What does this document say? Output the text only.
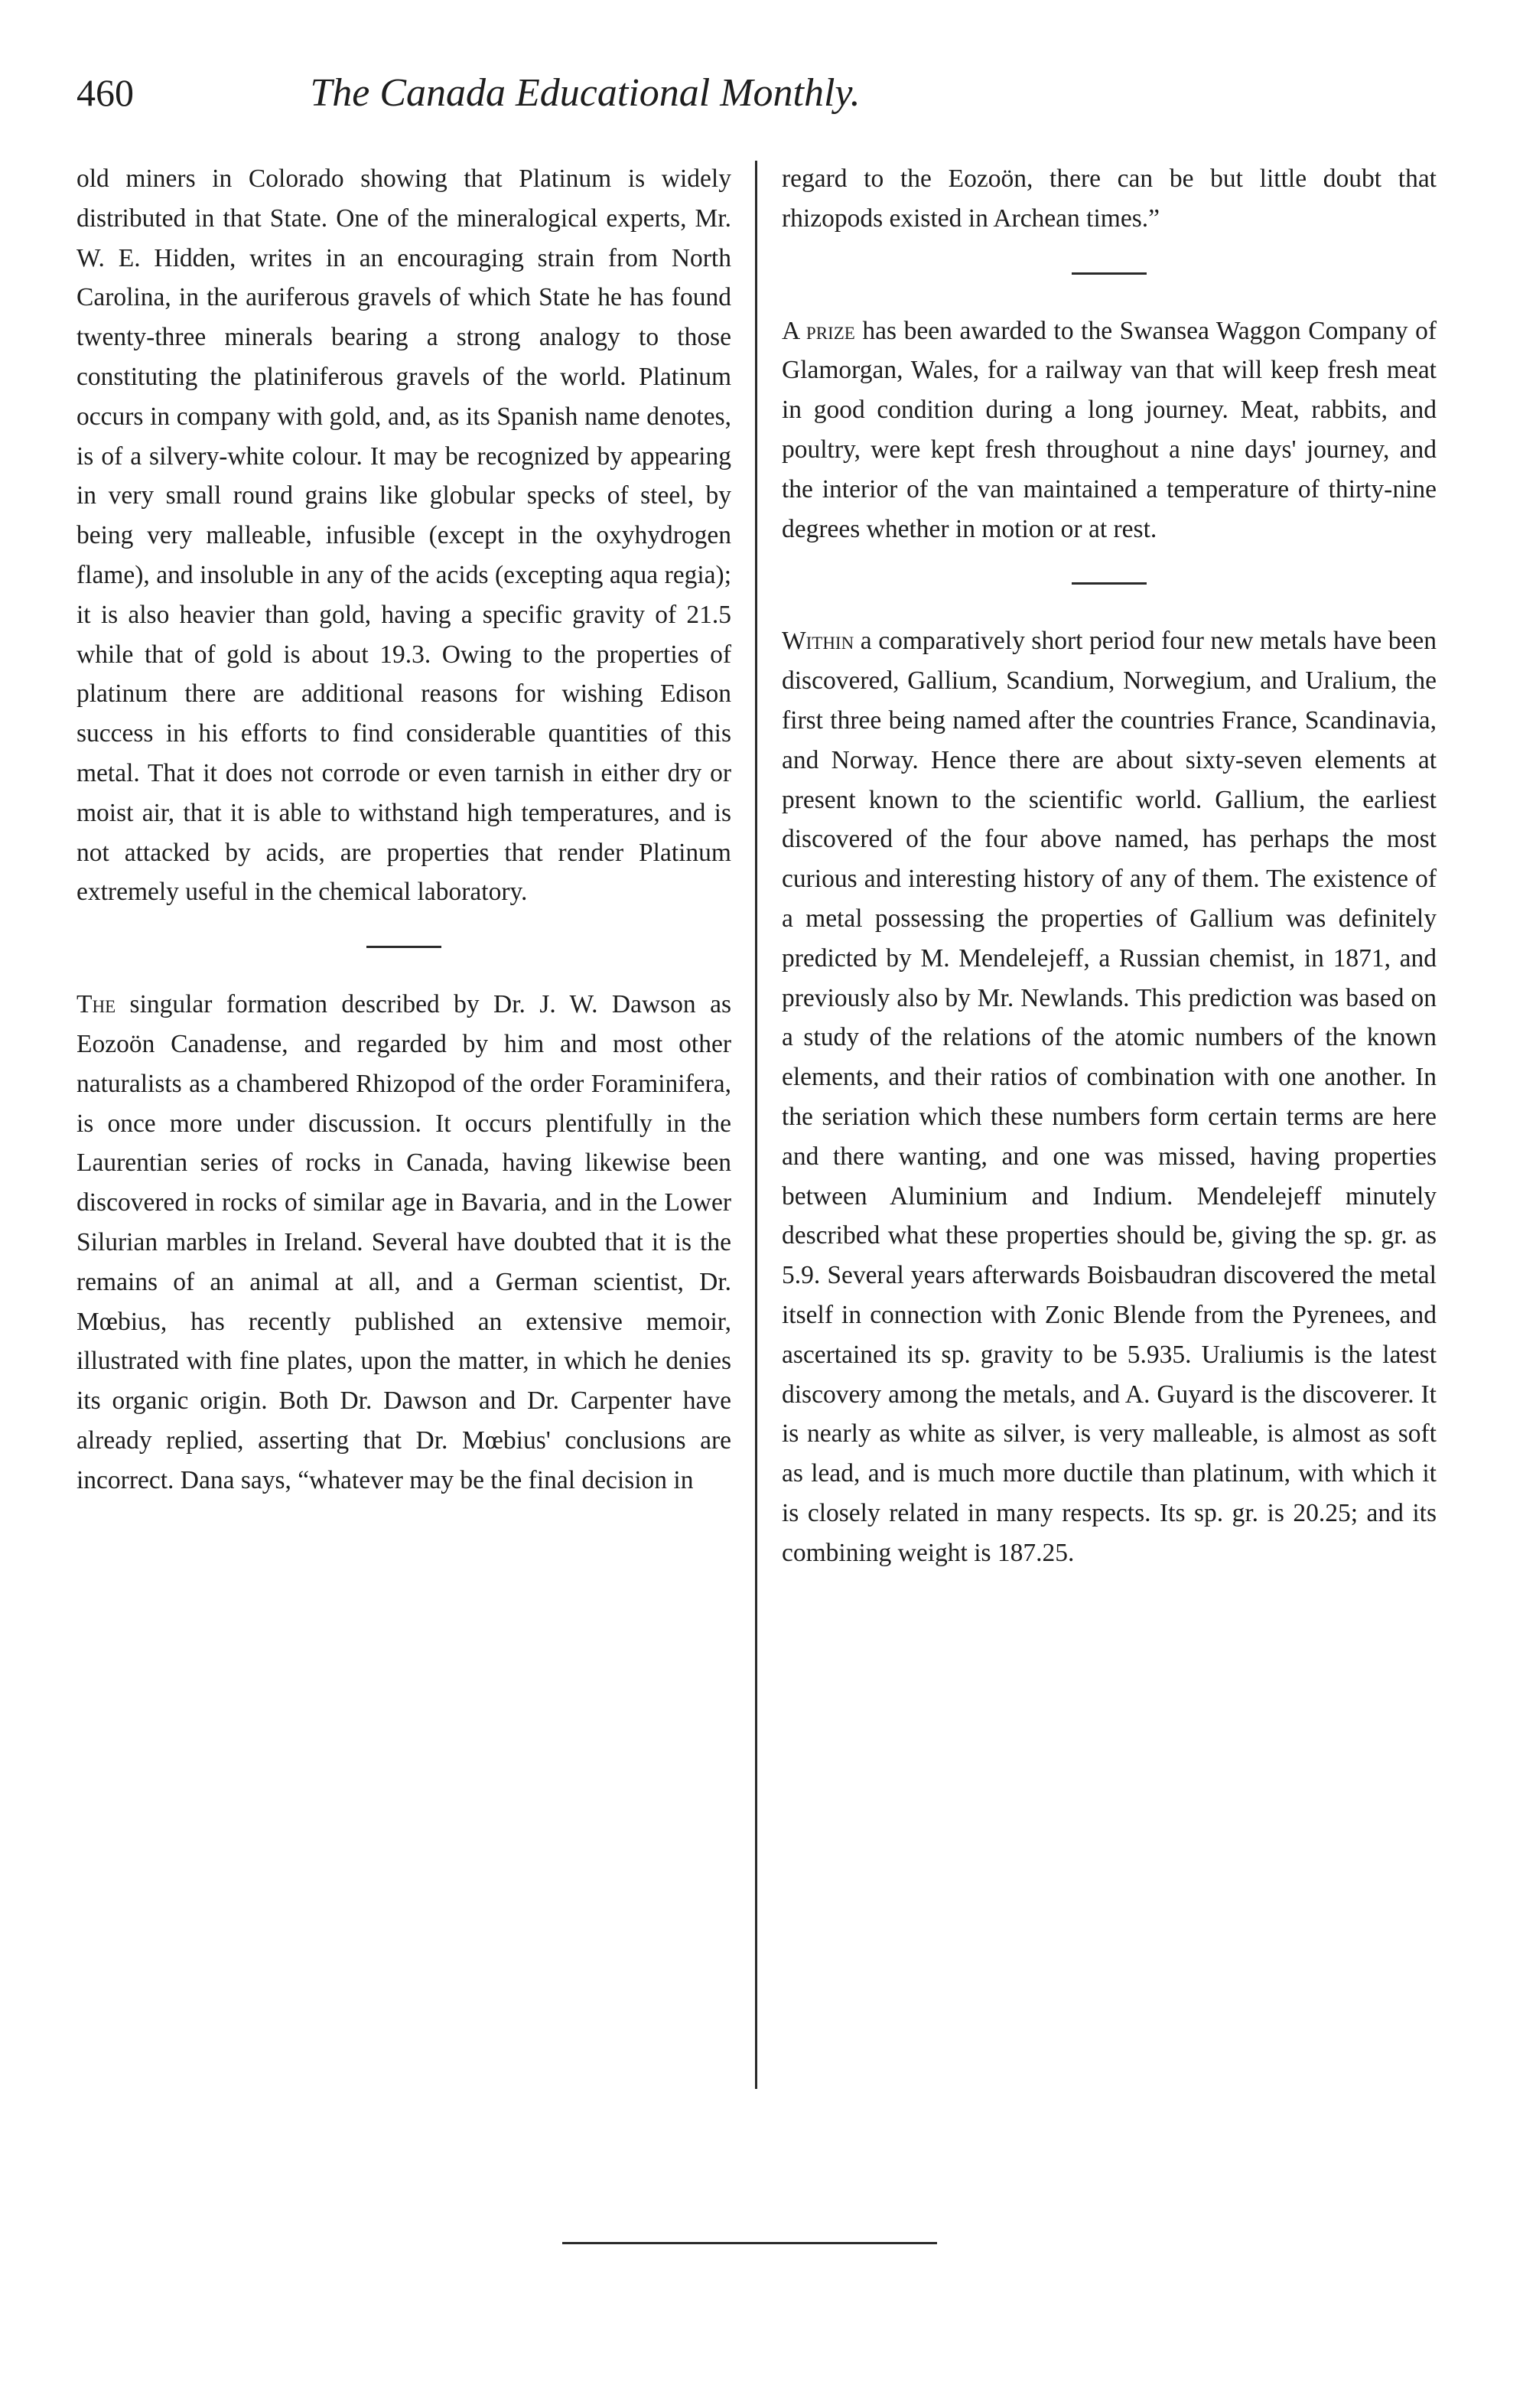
460	The Canada Educational Monthly.

old miners in Colorado showing that Platinum is widely distributed in that State. One of the mineralogical experts, Mr. W. E. Hidden, writes in an encouraging strain from North Carolina, in the auriferous gravels of which State he has found twenty-three minerals bearing a strong analogy to those constituting the platiniferous gravels of the world. Platinum occurs in company with gold, and, as its Spanish name denotes, is of a silvery-white colour. It may be recognized by appearing in very small round grains like globular specks of steel, by being very malleable, infusible (except in the oxyhydrogen flame), and insoluble in any of the acids (excepting aqua regia); it is also heavier than gold, having a specific gravity of 21.5 while that of gold is about 19.3. Owing to the properties of platinum there are additional reasons for wishing Edison success in his efforts to find considerable quantities of this metal. That it does not corrode or even tarnish in either dry or moist air, that it is able to withstand high temperatures, and is not attacked by acids, are properties that render Platinum extremely useful in the chemical laboratory.

The singular formation described by Dr. J. W. Dawson as Eozoön Canadense, and regarded by him and most other naturalists as a chambered Rhizopod of the order Foraminifera, is once more under discussion. It occurs plentifully in the Laurentian series of rocks in Canada, having likewise been discovered in rocks of similar age in Bavaria, and in the Lower Silurian marbles in Ireland. Several have doubted that it is the remains of an animal at all, and a German scientist, Dr. Mœbius, has recently published an extensive memoir, illustrated with fine plates, upon the matter, in which he denies its organic origin. Both Dr. Dawson and Dr. Carpenter have already replied, asserting that Dr. Mœbius' conclusions are incorrect. Dana says, “whatever may be the final decision in

regard to the Eozoön, there can be but little doubt that rhizopods existed in Archean times.”

A prize has been awarded to the Swansea Waggon Company of Glamorgan, Wales, for a railway van that will keep fresh meat in good condition during a long journey. Meat, rabbits, and poultry, were kept fresh throughout a nine days' journey, and the interior of the van maintained a temperature of thirty-nine degrees whether in motion or at rest.

Within a comparatively short period four new metals have been discovered, Gallium, Scandium, Norwegium, and Uralium, the first three being named after the countries France, Scandinavia, and Norway. Hence there are about sixty-seven elements at present known to the scientific world. Gallium, the earliest discovered of the four above named, has perhaps the most curious and interesting history of any of them. The existence of a metal possessing the properties of Gallium was definitely predicted by M. Mendelejeff, a Russian chemist, in 1871, and previously also by Mr. Newlands. This prediction was based on a study of the relations of the atomic numbers of the known elements, and their ratios of combination with one another. In the seriation which these numbers form certain terms are here and there wanting, and one was missed, having properties between Aluminium and Indium. Mendelejeff minutely described what these properties should be, giving the sp. gr. as 5.9. Several years afterwards Boisbaudran discovered the metal itself in connection with Zonic Blende from the Pyrenees, and ascertained its sp. gravity to be 5.935. Uraliumis is the latest discovery among the metals, and A. Guyard is the discoverer. It is nearly as white as silver, is very malleable, is almost as soft as lead, and is much more ductile than platinum, with which it is closely related in many respects. Its sp. gr. is 20.25; and its combining weight is 187.25.
